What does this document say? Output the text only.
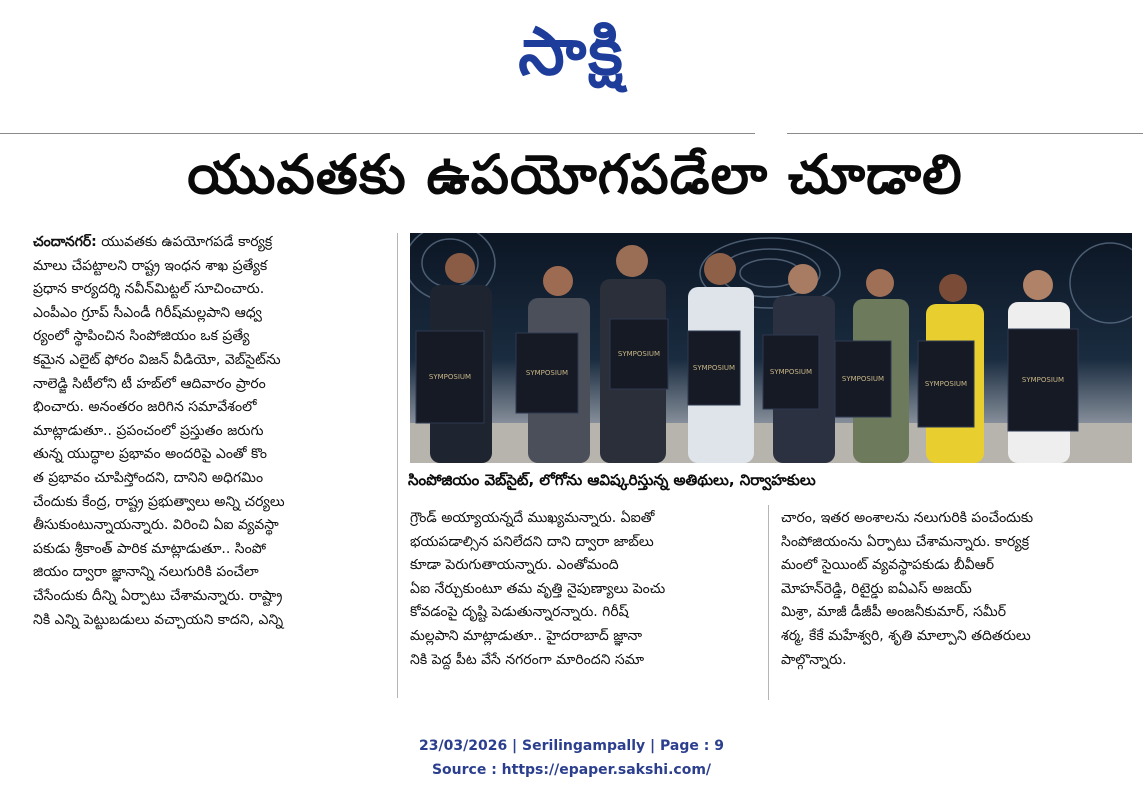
సాక్షి
యువతకు ఉపయోగపడేలా చూడాలి

చందానగర్: యువతకు ఉపయోగపడే కార్యక్ర

మాలు చేపట్టాలని రాష్ట్ర ఇంధన శాఖ ప్రత్యేక

ప్రధాన కార్యదర్శి నవీన్‌మిట్టల్ సూచించారు.

ఎంపీఎం గ్రూప్ సీఎండీ గిరీష్‌మల్లపాని ఆధ్వ

ర్యంలో స్థాపించిన సింపోజియం ఒక ప్రత్యే

కమైన ఎలైట్ ఫోరం విజన్ వీడియో, వెబ్‌సైట్‌ను

నాలెడ్జి సిటీలోని టీ హబ్‌లో ఆదివారం ప్రారం

భించారు. అనంతరం జరిగిన సమావేశంలో

మాట్లాడుతూ.. ప్రపంచంలో ప్రస్తుతం జరుగు

తున్న యుద్ధాల ప్రభావం అందరిపై ఎంతో కొం

త ప్రభావం చూపిస్తోందని, దానిని అధిగమిం

చేందుకు కేంద్ర, రాష్ట్ర ప్రభుత్వాలు అన్ని చర్యలు

తీసుకుంటున్నాయన్నారు. విరించి ఏఐ వ్యవస్థా

పకుడు శ్రీకాంత్ పారిక మాట్లాడుతూ.. సింపో

జియం ద్వారా జ్ఞానాన్ని నలుగురికి పంచేలా

చేసేందుకు దీన్ని ఏర్పాటు చేశామన్నారు. రాష్ట్రా

నికి ఎన్ని పెట్టుబడులు వచ్చాయని కాదని, ఎన్ని

SYMPOSIUM	SYMPOSIUM
SYMPOSIUM
SYMPOSIUM	SYMPOSIUM
SYMPOSIUM
SYMPOSIUM	SYMPOSIUM
సింపోజియం వెబ్‌సైట్, లోగోను ఆవిష్కరిస్తున్న అతిథులు, నిర్వాహకులు

గ్రౌండ్ అయ్యాయన్నదే ముఖ్యమన్నారు. ఏఐతో

భయపడాల్సిన పనిలేదని దాని ద్వారా జాబ్‌లు

కూడా పెరుగుతాయన్నారు. ఎంతోమంది

ఏఐ నేర్చుకుంటూ తమ వృత్తి నైపుణ్యాలు పెంచు

కోవడంపై దృష్టి పెడుతున్నారన్నారు. గిరీష్

మల్లపాని మాట్లాడుతూ.. హైదరాబాద్ జ్ఞానా

నికి పెద్ద పీట వేసే నగరంగా మారిందని సమా

చారం, ఇతర అంశాలను నలుగురికి పంచేందుకు

సింపోజియంను ఏర్పాటు చేశామన్నారు. కార్యక్ర

మంలో సైయింట్ వ్యవస్థాపకుడు బీవీఆర్

మోహన్‌రెడ్డి, రిటైర్డు ఐఏఎస్ అజయ్

మిశ్రా, మాజీ డీజీపీ అంజనీకుమార్, సమీర్

శర్మ, కేకే మహేశ్వరి, శృతి మాల్పాని తదితరులు

పాల్గొన్నారు.

23/03/2026 | Serilingampally | Page : 9
Source : https://epaper.sakshi.com/
